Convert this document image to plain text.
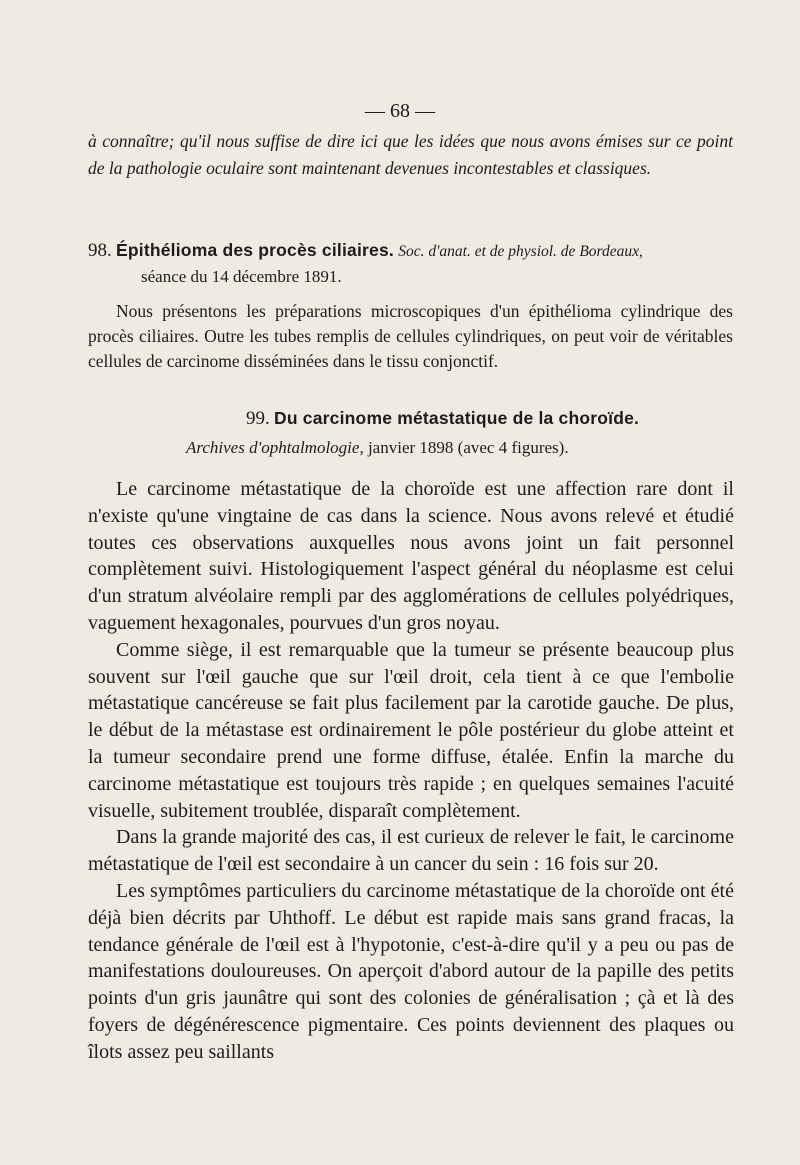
— 68 —

à connaître; qu'il nous suffise de dire ici que les idées que nous avons émises sur ce point de la pathologie oculaire sont maintenant devenues incontestables et classiques.

98. Épithélioma des procès ciliaires. Soc. d'anat. et de physiol. de Bordeaux,

séance du 14 décembre 1891.

Nous présentons les préparations microscopiques d'un épithélioma cylindrique des procès ciliaires. Outre les tubes remplis de cellules cylindriques, on peut voir de véritables cellules de carcinome disséminées dans le tissu conjonctif.

99. Du carcinome métastatique de la choroïde.

Archives d'ophtalmologie, janvier 1898 (avec 4 figures).

Le carcinome métastatique de la choroïde est une affection rare dont il n'existe qu'une vingtaine de cas dans la science. Nous avons relevé et étudié toutes ces observations auxquelles nous avons joint un fait personnel complètement suivi. Histologiquement l'aspect général du néoplasme est celui d'un stratum alvéolaire rempli par des agglomérations de cellules polyédriques, vaguement hexagonales, pourvues d'un gros noyau.

Comme siège, il est remarquable que la tumeur se présente beaucoup plus souvent sur l'œil gauche que sur l'œil droit, cela tient à ce que l'embolie métastatique cancéreuse se fait plus facilement par la carotide gauche. De plus, le début de la métastase est ordinairement le pôle postérieur du globe atteint et la tumeur secondaire prend une forme diffuse, étalée. Enfin la marche du carcinome métastatique est toujours très rapide ; en quelques semaines l'acuité visuelle, subitement troublée, disparaît complètement.

Dans la grande majorité des cas, il est curieux de relever le fait, le carcinome métastatique de l'œil est secondaire à un cancer du sein : 16 fois sur 20.

Les symptômes particuliers du carcinome métastatique de la choroïde ont été déjà bien décrits par Uhthoff. Le début est rapide mais sans grand fracas, la tendance générale de l'œil est à l'hypotonie, c'est-à-dire qu'il y a peu ou pas de manifestations douloureuses. On aperçoit d'abord autour de la papille des petits points d'un gris jaunâtre qui sont des colonies de généralisation ; çà et là des foyers de dégénérescence pigmentaire. Ces points deviennent des plaques ou îlots assez peu saillants
